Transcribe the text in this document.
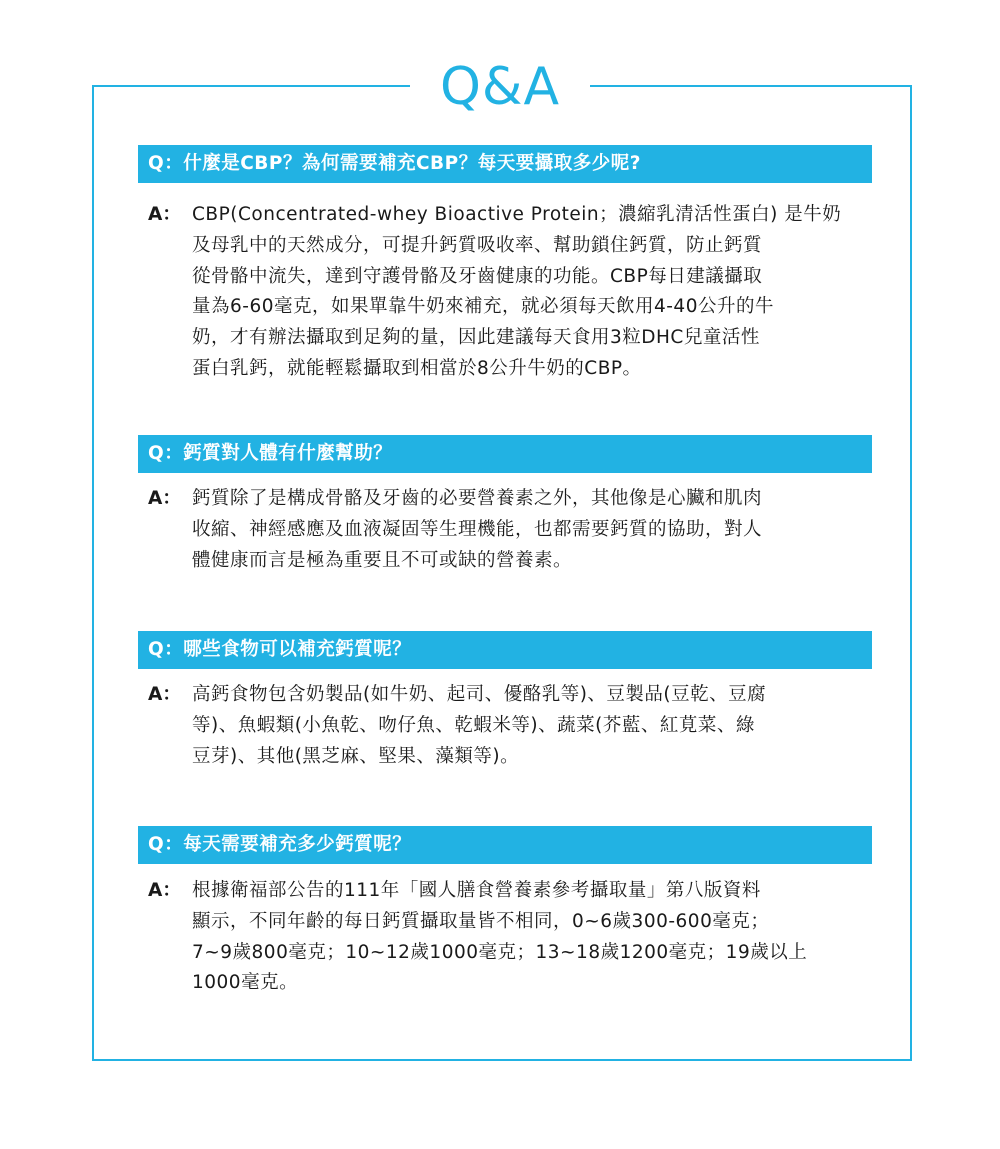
Q&A
Q：什麼是CBP？為何需要補充CBP？每天要攝取多少呢?
A： CBP(Concentrated-whey Bioactive Protein；濃縮乳清活性蛋白) 是牛奶
及母乳中的天然成分，可提升鈣質吸收率、幫助鎖住鈣質，防止鈣質
從骨骼中流失，達到守護骨骼及牙齒健康的功能。CBP每日建議攝取
量為6-60毫克，如果單靠牛奶來補充，就必須每天飲用4-40公升的牛
奶，才有辦法攝取到足夠的量，因此建議每天食用3粒DHC兒童活性
蛋白乳鈣，就能輕鬆攝取到相當於8公升牛奶的CBP。
Q：鈣質對人體有什麼幫助？
A： 鈣質除了是構成骨骼及牙齒的必要營養素之外，其他像是心臟和肌肉
收縮、神經感應及血液凝固等生理機能，也都需要鈣質的協助，對人
體健康而言是極為重要且不可或缺的營養素。
Q：哪些食物可以補充鈣質呢？
A： 高鈣食物包含奶製品(如牛奶、起司、優酪乳等)、豆製品(豆乾、豆腐
等)、魚蝦類(小魚乾、吻仔魚、乾蝦米等)、蔬菜(芥藍、紅莧菜、綠
豆芽)、其他(黑芝麻、堅果、藻類等)。
Q：每天需要補充多少鈣質呢？
A： 根據衛福部公告的111年「國人膳食營養素參考攝取量」第八版資料
顯示，不同年齡的每日鈣質攝取量皆不相同，0~6歲300-600毫克；
7~9歲800毫克；10~12歲1000毫克；13~18歲1200毫克；19歲以上
1000毫克。
